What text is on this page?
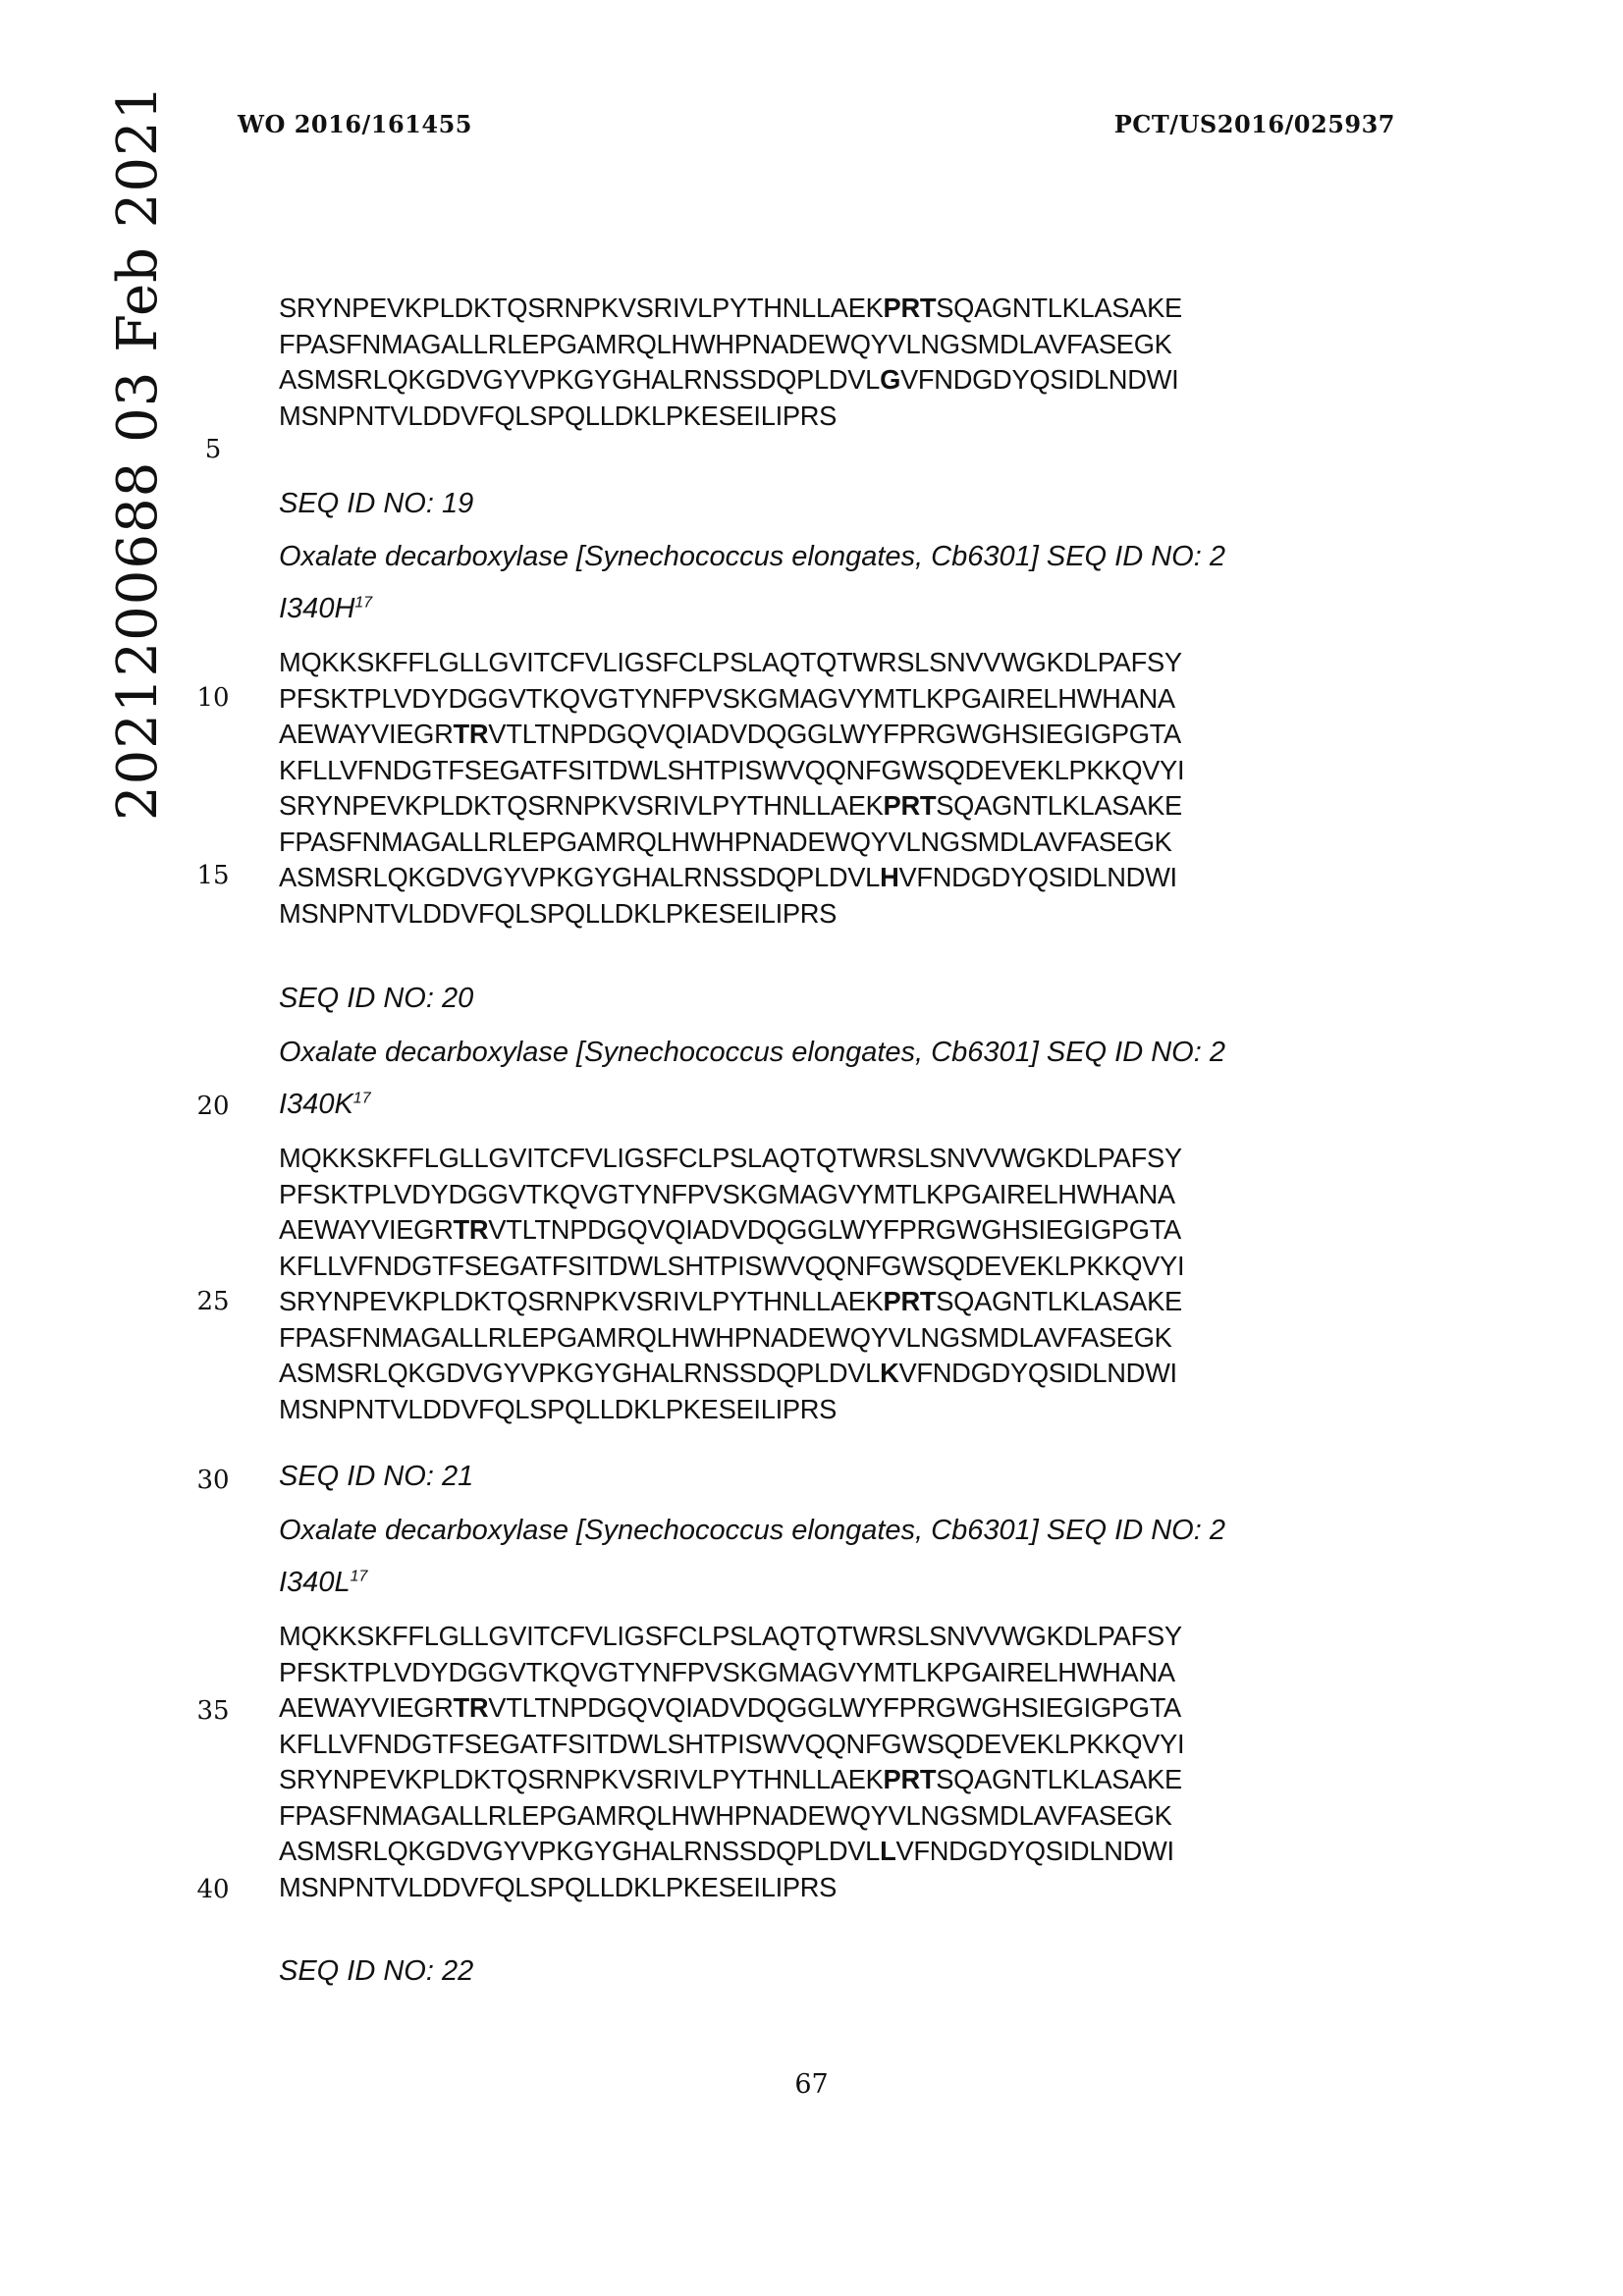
WO 2016/161455	PCT/US2016/025937
2021200688 03 Feb 2021	5
10
15
20
25
30
35
40
SRYNPEVKPLDKTQSRNPKVSRIVLPYTHNLLAEKPRTSQAGNTLKLASAKE
FPASFNMAGALLRLEPGAMRQLHWHPNADEWQYVLNGSMDLAVFASEGK
ASMSRLQKGDVGYVPKGYGHALRNSSDQPLDVLGVFNDGDYQSIDLNDWI
MSNPNTVLDDVFQLSPQLLDKLPKESEILIPRS
SEQ ID NO: 19
Oxalate decarboxylase [Synechococcus elongates, Cb6301] SEQ ID NO: 2
$I340H^{17}$
MQKKSKFFLGLLGVITCFVLIGSFCLPSLAQTQTWRSLSNVVWGKDLPAFSY
PFSKTPLVDYDGGVTKQVGTYNFPVSKGMAGVYMTLKPGAIRELHWHANA
AEWAYVIEGRTRVTLTNPDGQVQIADVDQGGLWYFPRGWGHSIEGIGPGTA
KFLLVFNDGTFSEGATFSITDWLSHTPISWVQQNFGWSQDEVEKLPKKQVYI
SRYNPEVKPLDKTQSRNPKVSRIVLPYTHNLLAEKPRTSQAGNTLKLASAKE
FPASFNMAGALLRLEPGAMRQLHWHPNADEWQYVLNGSMDLAVFASEGK
ASMSRLQKGDVGYVPKGYGHALRNSSDQPLDVLHVFNDGDYQSIDLNDWI
MSNPNTVLDDVFQLSPQLLDKLPKESEILIPRS
SEQ ID NO: 20
Oxalate decarboxylase [Synechococcus elongates, Cb6301] SEQ ID NO: 2
$I340K^{17}$
MQKKSKFFLGLLGVITCFVLIGSFCLPSLAQTQTWRSLSNVVWGKDLPAFSY
PFSKTPLVDYDGGVTKQVGTYNFPVSKGMAGVYMTLKPGAIRELHWHANA
AEWAYVIEGRTRVTLTNPDGQVQIADVDQGGLWYFPRGWGHSIEGIGPGTA
KFLLVFNDGTFSEGATFSITDWLSHTPISWVQQNFGWSQDEVEKLPKKQVYI
SRYNPEVKPLDKTQSRNPKVSRIVLPYTHNLLAEKPRTSQAGNTLKLASAKE
FPASFNMAGALLRLEPGAMRQLHWHPNADEWQYVLNGSMDLAVFASEGK
ASMSRLQKGDVGYVPKGYGHALRNSSDQPLDVLKVFNDGDYQSIDLNDWI
MSNPNTVLDDVFQLSPQLLDKLPKESEILIPRS
SEQ ID NO: 21
Oxalate decarboxylase [Synechococcus elongates, Cb6301] SEQ ID NO: 2
$I340L^{17}$
MQKKSKFFLGLLGVITCFVLIGSFCLPSLAQTQTWRSLSNVVWGKDLPAFSY
PFSKTPLVDYDGGVTKQVGTYNFPVSKGMAGVYMTLKPGAIRELHWHANA
AEWAYVIEGRTRVTLTNPDGQVQIADVDQGGLWYFPRGWGHSIEGIGPGTA
KFLLVFNDGTFSEGATFSITDWLSHTPISWVQQNFGWSQDEVEKLPKKQVYI
SRYNPEVKPLDKTQSRNPKVSRIVLPYTHNLLAEKPRTSQAGNTLKLASAKE
FPASFNMAGALLRLEPGAMRQLHWHPNADEWQYVLNGSMDLAVFASEGK
ASMSRLQKGDVGYVPKGYGHALRNSSDQPLDVLLVFNDGDYQSIDLNDWI
MSNPNTVLDDVFQLSPQLLDKLPKESEILIPRS
SEQ ID NO: 22
67
